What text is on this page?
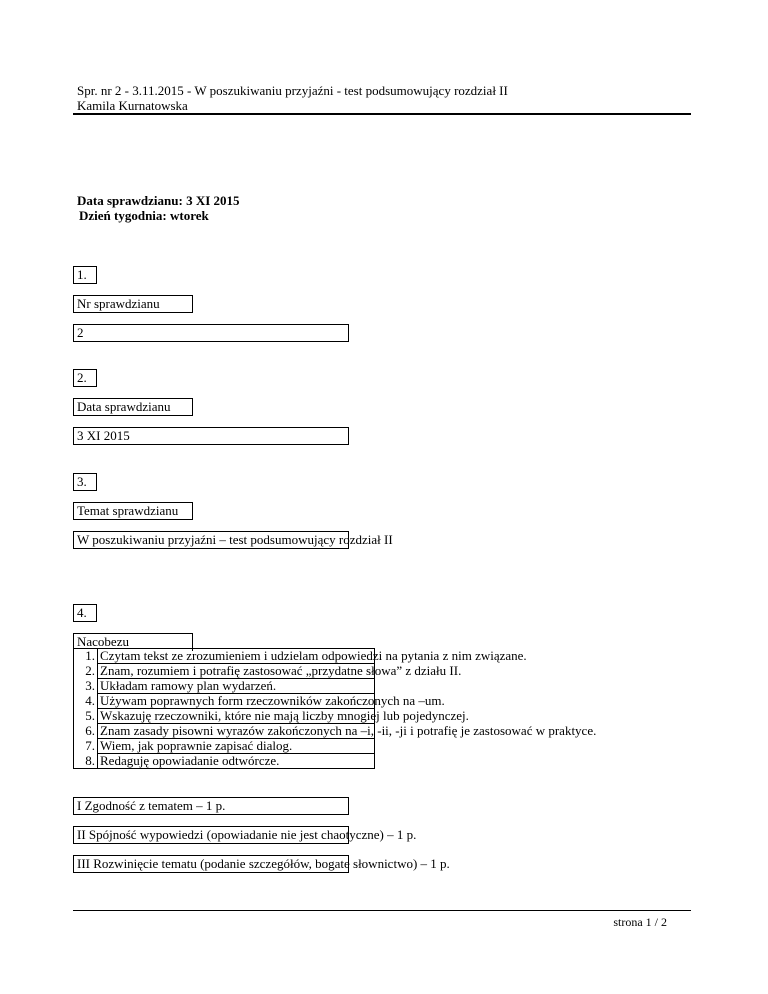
Spr. nr 2 - 3.11.2015 - W poszukiwaniu przyjaźni - test podsumowujący rozdział II
Kamila Kurnatowska
Data sprawdzianu: 3 XI 2015
Dzień tygodnia: wtorek
1.
Nr sprawdzianu
2
2.
Data sprawdzianu
3 XI 2015
3.
Temat sprawdzianu
W poszukiwaniu przyjaźni – test podsumowujący rozdział II
4.
Nacobezu
1. Czytam tekst ze zrozumieniem i udzielam odpowiedzi na pytania z nim związane.
2. Znam, rozumiem i potrafię zastosować „przydatne słowa” z działu II.
3. Układam ramowy plan wydarzeń.
4. Używam poprawnych form rzeczowników zakończonych na –um.
5. Wskazuję rzeczowniki, które nie mają liczby mnogiej lub pojedynczej.
6. Znam zasady pisowni wyrazów zakończonych na –i, -ii, -ji i potrafię je zastosować w praktyce.
7. Wiem, jak poprawnie zapisać dialog.
8. Redaguję opowiadanie odtwórcze.
I Zgodność z tematem – 1 p.
II Spójność wypowiedzi (opowiadanie nie jest chaotyczne) – 1 p.
III Rozwinięcie tematu (podanie szczegółów, bogate słownictwo) – 1 p.
strona 1 / 2
